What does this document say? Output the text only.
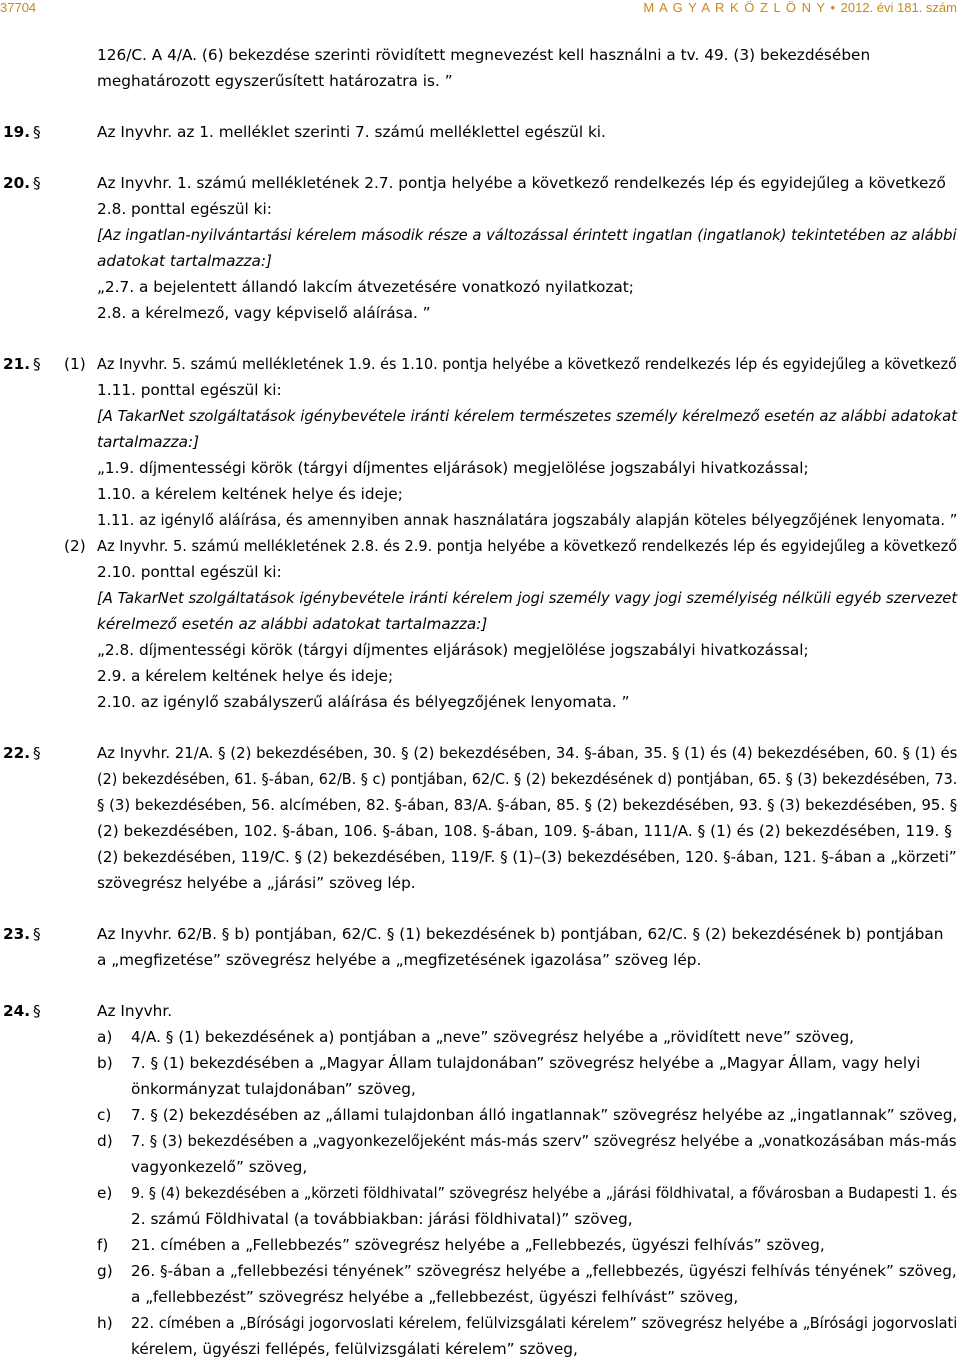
37704	M A G Y A R K Ö Z L Ö N Y • 2012. évi 181. szám
126/C. A 4/A. (6) bekezdése szerinti rövidített megnevezést kell használni a tv. 49. (3) bekezdésében
meghatározott egyszerűsített határozatra is. ”
19. §	Az Inyvhr. az 1. melléklet szerinti 7. számú melléklettel egészül ki.
20. §	Az Inyvhr. 1. számú mellékletének 2.7. pontja helyébe a következő rendelkezés lép és egyidejűleg a következő
2.8. ponttal egészül ki:
[Az ingatlan-nyilvántartási kérelem második része a változással érintett ingatlan (ingatlanok) tekintetében az alábbi
adatokat tartalmazza:]
„2.7. a bejelentett állandó lakcím átvezetésére vonatkozó nyilatkozat;
2.8. a kérelmező, vagy képviselő aláírása. ”
21. § (1) Az Inyvhr. 5. számú mellékletének 1.9. és 1.10. pontja helyébe a következő rendelkezés lép és egyidejűleg a következő
1.11. ponttal egészül ki:
[A TakarNet szolgáltatások igénybevétele iránti kérelem természetes személy kérelmező esetén az alábbi adatokat
tartalmazza:]
„1.9. díjmentességi körök (tárgyi díjmentes eljárások) megjelölése jogszabályi hivatkozással;
1.10. a kérelem keltének helye és ideje;
1.11. az igénylő aláírása, és amennyiben annak használatára jogszabály alapján köteles bélyegzőjének lenyomata. ”
(2) Az Inyvhr. 5. számú mellékletének 2.8. és 2.9. pontja helyébe a következő rendelkezés lép és egyidejűleg a következő
2.10. ponttal egészül ki:
[A TakarNet szolgáltatások igénybevétele iránti kérelem jogi személy vagy jogi személyiség nélküli egyéb szervezet
kérelmező esetén az alábbi adatokat tartalmazza:]
„2.8. díjmentességi körök (tárgyi díjmentes eljárások) megjelölése jogszabályi hivatkozással;
2.9. a kérelem keltének helye és ideje;
2.10. az igénylő szabályszerű aláírása és bélyegzőjének lenyomata. ”
22. §	Az Inyvhr. 21/A. § (2) bekezdésében, 30. § (2) bekezdésében, 34. §-ában, 35. § (1) és (4) bekezdésében, 60. § (1) és
(2) bekezdésében, 61. §-ában, 62/B. § c) pontjában, 62/C. § (2) bekezdésének d) pontjában, 65. § (3) bekezdésében, 73.
§ (3) bekezdésében, 56. alcímében, 82. §-ában, 83/A. §-ában, 85. § (2) bekezdésében, 93. § (3) bekezdésében, 95. §
(2) bekezdésében, 102. §-ában, 106. §-ában, 108. §-ában, 109. §-ában, 111/A. § (1) és (2) bekezdésében, 119. §
(2) bekezdésében, 119/C. § (2) bekezdésében, 119/F. § (1)–(3) bekezdésében, 120. §-ában, 121. §-ában a „körzeti”
szövegrész helyébe a „járási” szöveg lép.
23. §	Az Inyvhr. 62/B. § b) pontjában, 62/C. § (1) bekezdésének b) pontjában, 62/C. § (2) bekezdésének b) pontjában
a „megfizetése” szövegrész helyébe a „megfizetésének igazolása” szöveg lép.
24. §	Az Inyvhr.
a) 4/A. § (1) bekezdésének a) pontjában a „neve” szövegrész helyébe a „rövidített neve” szöveg,
b) 7. § (1) bekezdésében a „Magyar Állam tulajdonában” szövegrész helyébe a „Magyar Állam, vagy helyi
önkormányzat tulajdonában” szöveg,
c) 7. § (2) bekezdésében az „állami tulajdonban álló ingatlannak” szövegrész helyébe az „ingatlannak” szöveg,
d) 7. § (3) bekezdésében a „vagyonkezelőjeként más-más szerv” szövegrész helyébe a „vonatkozásában más-más
vagyonkezelő” szöveg,
e) 9. § (4) bekezdésében a „körzeti földhivatal” szövegrész helyébe a „járási földhivatal, a fővárosban a Budapesti 1. és
2. számú Földhivatal (a továbbiakban: járási földhivatal)” szöveg,
f) 21. címében a „Fellebbezés” szövegrész helyébe a „Fellebbezés, ügyészi felhívás” szöveg,
g) 26. §-ában a „fellebbezési tényének” szövegrész helyébe a „fellebbezés, ügyészi felhívás tényének” szöveg,
a „fellebbezést” szövegrész helyébe a „fellebbezést, ügyészi felhívást” szöveg,
h) 22. címében a „Bírósági jogorvoslati kérelem, felülvizsgálati kérelem” szövegrész helyébe a „Bírósági jogorvoslati
kérelem, ügyészi fellépés, felülvizsgálati kérelem” szöveg,
